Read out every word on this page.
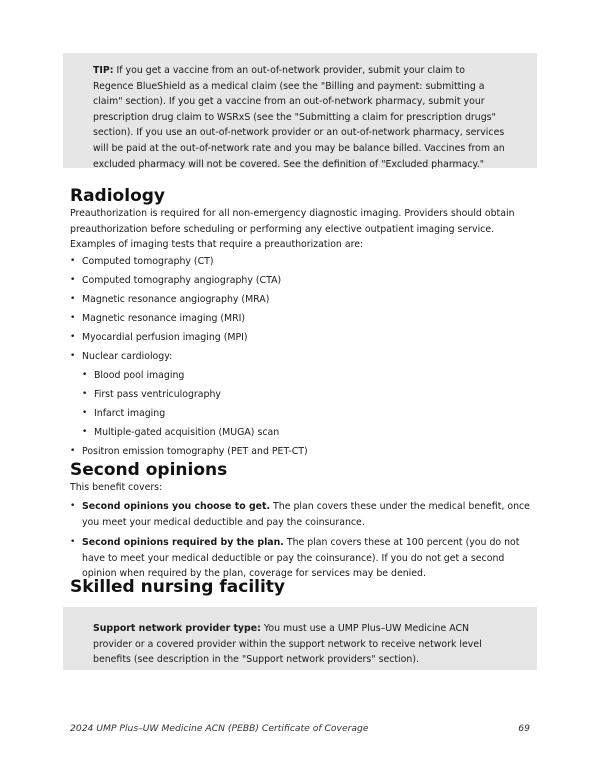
TIP: If you get a vaccine from an out-of-network provider, submit your claim to Regence BlueShield as a medical claim (see the "Billing and payment: submitting a claim" section). If you get a vaccine from an out-of-network pharmacy, submit your prescription drug claim to WSRxS (see the "Submitting a claim for prescription drugs" section). If you use an out-of-network provider or an out-of-network pharmacy, services will be paid at the out-of-network rate and you may be balance billed. Vaccines from an excluded pharmacy will not be covered. See the definition of "Excluded pharmacy."
Radiology

Preauthorization is required for all non-emergency diagnostic imaging. Providers should obtain preauthorization before scheduling or performing any elective outpatient imaging service. Examples of imaging tests that require a preauthorization are:

• Computed tomography (CT)
• Computed tomography angiography (CTA)
• Magnetic resonance angiography (MRA)
• Magnetic resonance imaging (MRI)
• Myocardial perfusion imaging (MPI)
• Nuclear cardiology:
• Blood pool imaging
• First pass ventriculography
• Infarct imaging
• Multiple-gated acquisition (MUGA) scan
• Positron emission tomography (PET and PET-CT)
Second opinions

This benefit covers:

• Second opinions you choose to get. The plan covers these under the medical benefit, once you meet your medical deductible and pay the coinsurance.
• Second opinions required by the plan. The plan covers these at 100 percent (you do not have to meet your medical deductible or pay the coinsurance). If you do not get a second opinion when required by the plan, coverage for services may be denied.
Skilled nursing facility
Support network provider type: You must use a UMP Plus–UW Medicine ACN provider or a covered provider within the support network to receive network level benefits (see description in the "Support network providers" section).
2024 UMP Plus–UW Medicine ACN (PEBB) Certificate of Coverage	69
